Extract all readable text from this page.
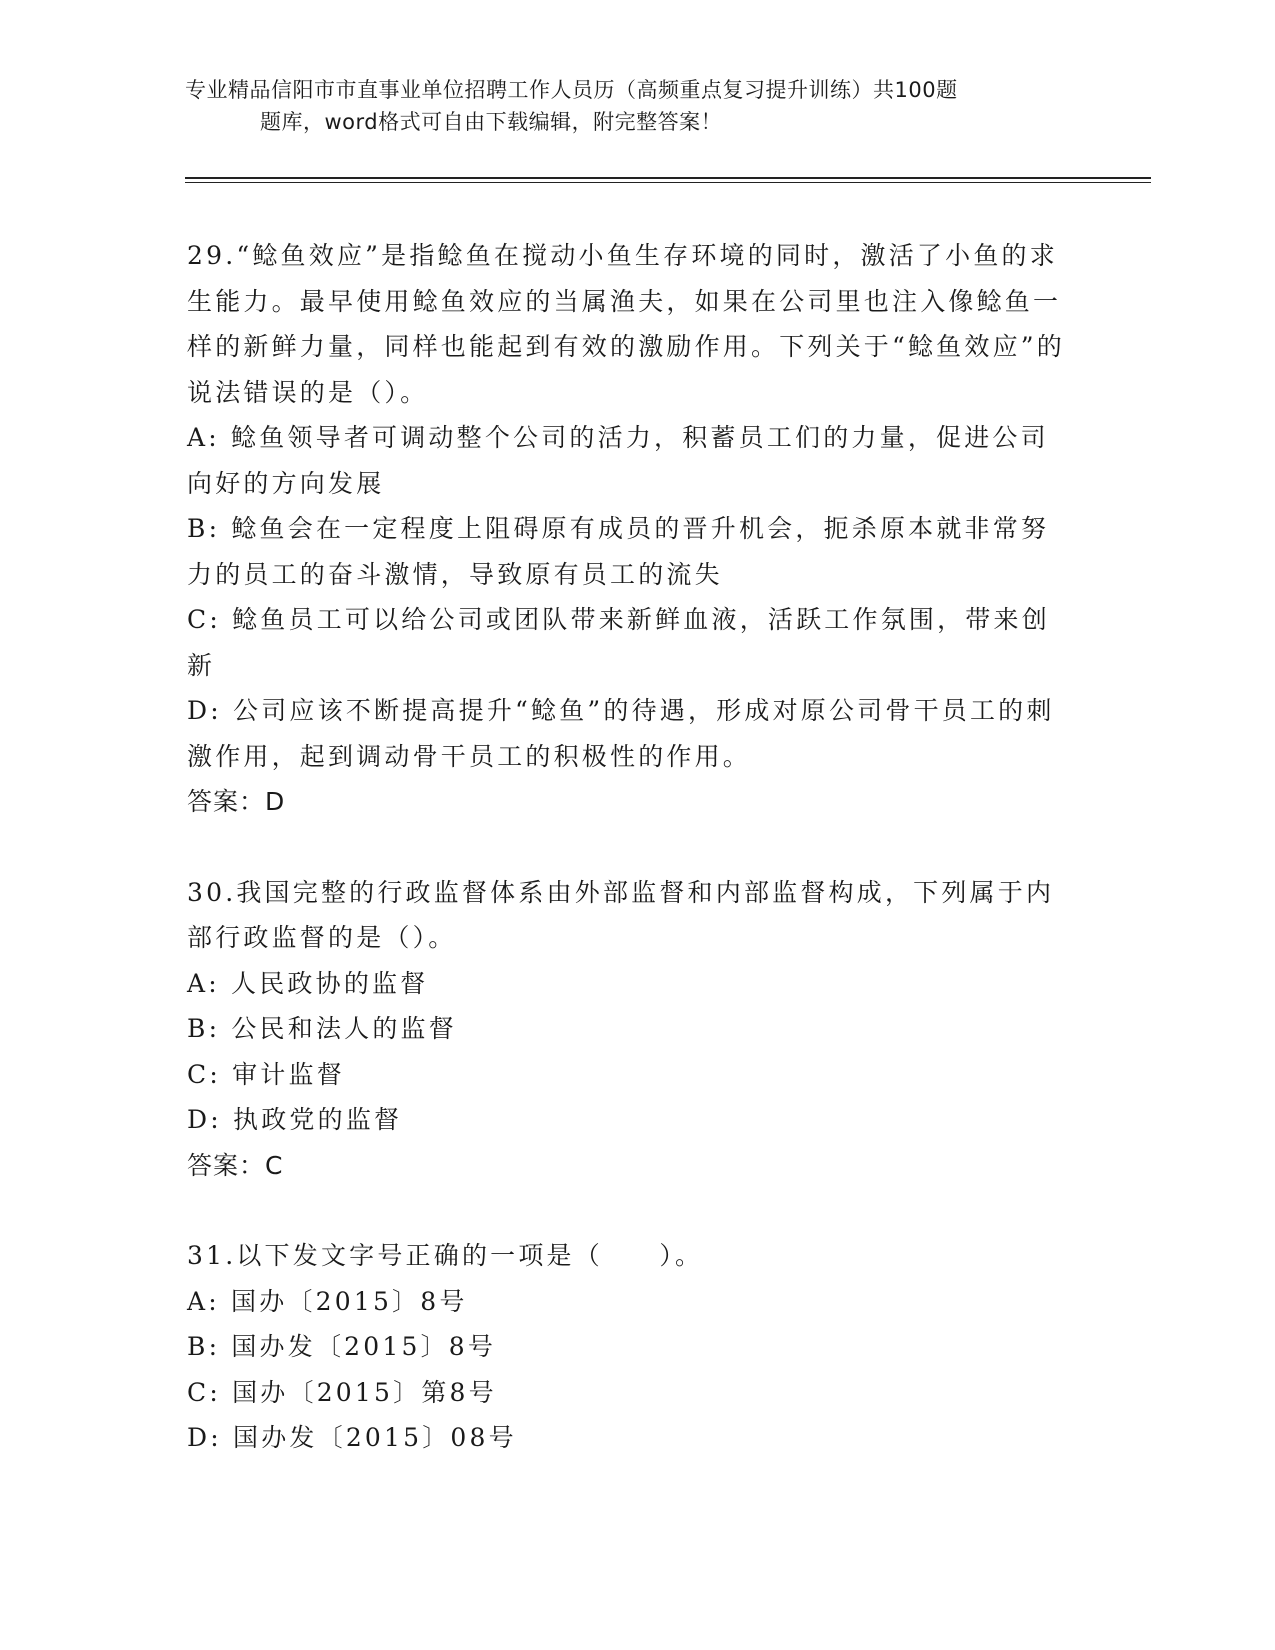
专业精品信阳市市直事业单位招聘工作人员历（高频重点复习提升训练）共100题
题库，word格式可自由下载编辑，附完整答案！

29.“鲶鱼效应”是指鲶鱼在搅动小鱼生存环境的同时，激活了小鱼的求生能力。最早使用鲶鱼效应的当属渔夫，如果在公司里也注入像鲶鱼一样的新鲜力量，同样也能起到有效的激励作用。下列关于“鲶鱼效应”的说法错误的是（）。

A: 鲶鱼领导者可调动整个公司的活力，积蓄员工们的力量，促进公司向好的方向发展

B: 鲶鱼会在一定程度上阻碍原有成员的晋升机会，扼杀原本就非常努力的员工的奋斗激情，导致原有员工的流失

C: 鲶鱼员工可以给公司或团队带来新鲜血液，活跃工作氛围，带来创新

D: 公司应该不断提高提升“鲶鱼”的待遇，形成对原公司骨干员工的刺激作用，起到调动骨干员工的积极性的作用。

答案：D

30.我国完整的行政监督体系由外部监督和内部监督构成，下列属于内部行政监督的是（）。

A: 人民政协的监督

B: 公民和法人的监督

C: 审计监督

D: 执政党的监督

答案：C

31.以下发文字号正确的一项是（　　）。

A: 国办〔2015〕8号

B: 国办发〔2015〕8号

C: 国办〔2015〕第8号

D: 国办发〔2015〕08号
